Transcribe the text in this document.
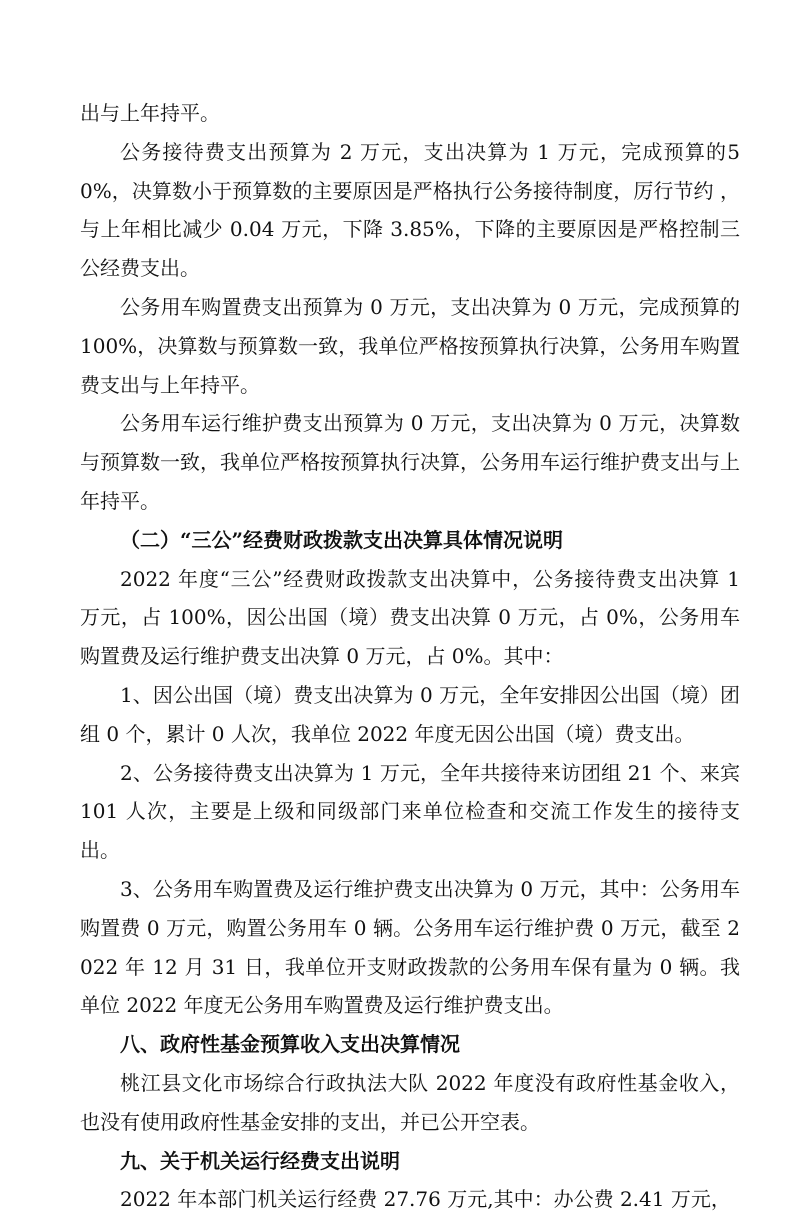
出与上年持平。

公务接待费支出预算为 2 万元，支出决算为 1 万元，完成预算的50%，决算数小于预算数的主要原因是严格执行公务接待制度，厉行节约 ，与上年相比减少 0.04 万元，下降 3.85%，下降的主要原因是严格控制三公经费支出。

公务用车购置费支出预算为 0 万元，支出决算为 0 万元，完成预算的 100%，决算数与预算数一致，我单位严格按预算执行决算，公务用车购置费支出与上年持平。

公务用车运行维护费支出预算为 0 万元，支出决算为 0 万元，决算数与预算数一致，我单位严格按预算执行决算，公务用车运行维护费支出与上年持平。

（二）“三公”经费财政拨款支出决算具体情况说明

2022 年度“三公”经费财政拨款支出决算中，公务接待费支出决算 1 万元，占 100%，因公出国（境）费支出决算 0 万元，占 0%，公务用车购置费及运行维护费支出决算 0 万元，占 0%。其中：

1、因公出国（境）费支出决算为 0 万元，全年安排因公出国（境）团组 0 个，累计 0 人次，我单位 2022 年度无因公出国（境）费支出。

2、公务接待费支出决算为 1 万元，全年共接待来访团组 21 个、来宾 101 人次，主要是上级和同级部门来单位检查和交流工作发生的接待支出。

3、公务用车购置费及运行维护费支出决算为 0 万元，其中：公务用车购置费 0 万元，购置公务用车 0 辆。公务用车运行维护费 0 万元，截至 2022 年 12 月 31 日，我单位开支财政拨款的公务用车保有量为 0 辆。我单位 2022 年度无公务用车购置费及运行维护费支出。

八、政府性基金预算收入支出决算情况

桃江县文化市场综合行政执法大队 2022 年度没有政府性基金收入，也没有使用政府性基金安排的支出，并已公开空表。

九、关于机关运行经费支出说明

2022 年本部门机关运行经费 27.76 万元,其中：办公费 2.41 万元，
